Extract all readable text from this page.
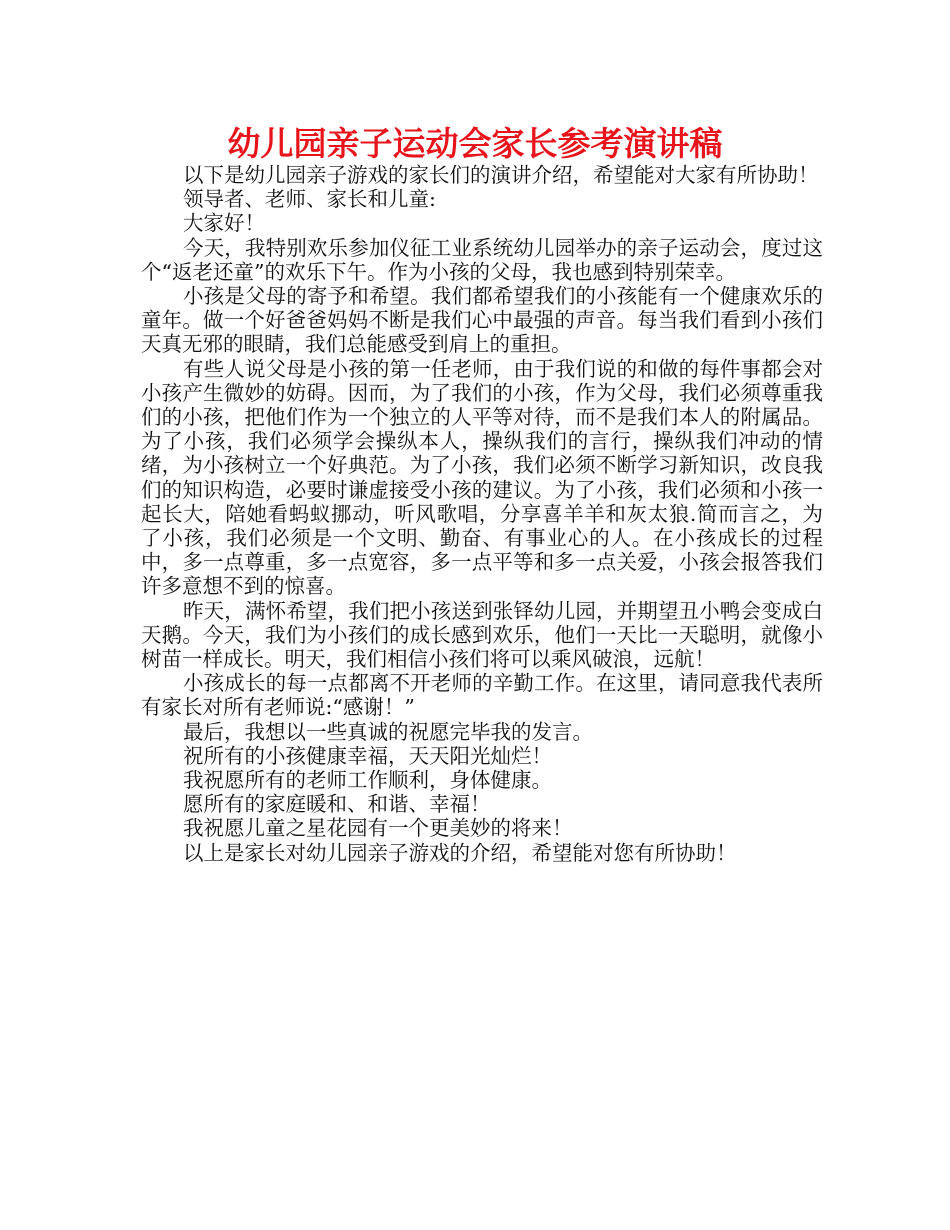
幼儿园亲子运动会家长参考演讲稿

以下是幼儿园亲子游戏的家长们的演讲介绍，希望能对大家有所协助！

领导者、老师、家长和儿童:

大家好！

今天，我特别欢乐参加仪征工业系统幼儿园举办的亲子运动会，度过这个“返老还童”的欢乐下午。作为小孩的父母，我也感到特别荣幸。

小孩是父母的寄予和希望。我们都希望我们的小孩能有一个健康欢乐的童年。做一个好爸爸妈妈不断是我们心中最强的声音。每当我们看到小孩们天真无邪的眼睛，我们总能感受到肩上的重担。

有些人说父母是小孩的第一任老师，由于我们说的和做的每件事都会对小孩产生微妙的妨碍。因而，为了我们的小孩，作为父母，我们必须尊重我们的小孩，把他们作为一个独立的人平等对待，而不是我们本人的附属品。为了小孩，我们必须学会操纵本人，操纵我们的言行，操纵我们冲动的情绪，为小孩树立一个好典范。为了小孩，我们必须不断学习新知识，改良我们的知识构造，必要时谦虚接受小孩的建议。为了小孩，我们必须和小孩一起长大，陪她看蚂蚁挪动，听风歌唱，分享喜羊羊和灰太狼.简而言之，为了小孩，我们必须是一个文明、勤奋、有事业心的人。在小孩成长的过程中，多一点尊重，多一点宽容，多一点平等和多一点关爱，小孩会报答我们许多意想不到的惊喜。

昨天，满怀希望，我们把小孩送到张铎幼儿园，并期望丑小鸭会变成白天鹅。今天，我们为小孩们的成长感到欢乐，他们一天比一天聪明，就像小树苗一样成长。明天，我们相信小孩们将可以乘风破浪，远航！

小孩成长的每一点都离不开老师的辛勤工作。在这里，请同意我代表所有家长对所有老师说:“感谢！”

最后，我想以一些真诚的祝愿完毕我的发言。

祝所有的小孩健康幸福，天天阳光灿烂！

我祝愿所有的老师工作顺利，身体健康。

愿所有的家庭暖和、和谐、幸福！

我祝愿儿童之星花园有一个更美妙的将来！

以上是家长对幼儿园亲子游戏的介绍，希望能对您有所协助！
